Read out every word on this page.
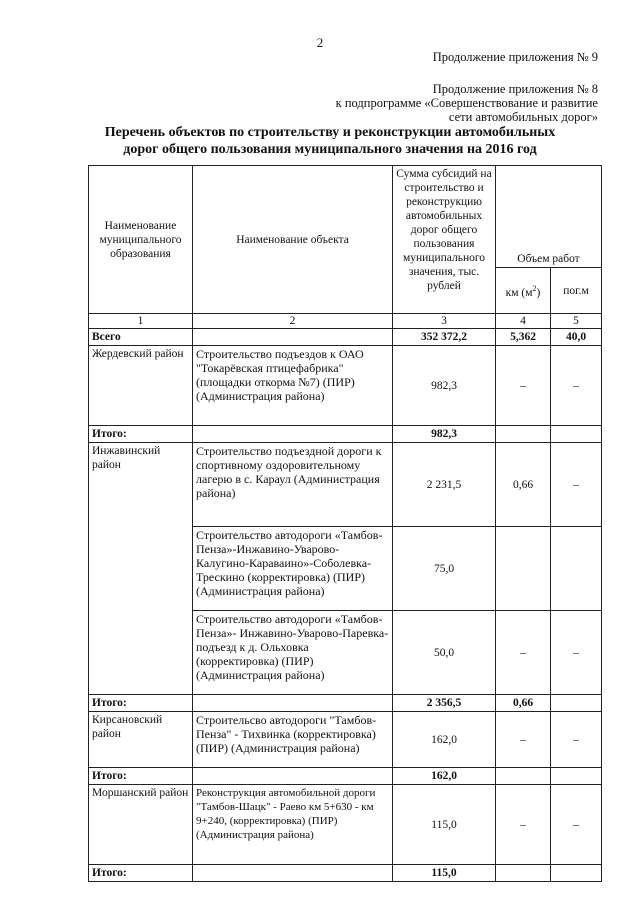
2
Продолжение приложения № 9
Продолжение приложения № 8
к подпрограмме «Совершенствование и развитие
сети автомобильных дорог»
Перечень объектов по строительству и реконструкции автомобильных
дорог общего пользования муниципального значения на 2016 год
Наименование муниципального образования	Наименование объекта	Сумма субсидий на строительство и реконструкцию автомобильных дорог общего пользования муниципального значения, тыс. рублей	Объем работ	
			км $(м^2)$	пог.м
1	2	3	4	5
Всего		352 372,2	5,362	40,0
Жердевский район	Строительство подъездов к ОАО "Токарёвская птицефабрика" (площадки откорма №7) (ПИР) (Администрация района)	982,3	–	–
Итого:		982,3		
Инжавинский район	Строительство подъездной дороги к спортивному оздоровительному лагерю в с. Караул (Администрация района)	2 231,5	0,66	–
	Строительство автодороги «Тамбов-Пенза»-Инжавино-Уварово- Калугино-Караваино»-Соболевка- Трескино (корректировка) (ПИР) (Администрация района)	75,0		
	Строительство автодороги «Тамбов-Пенза»- Инжавино-Уварово-Паревка- подъезд к д. Ольховка (корректировка) (ПИР) (Администрация района)	50,0	–	–
Итого:		2 356,5	0,66	
Кирсановский район	Строительсво автодороги "Тамбов-Пенза" - Тихвинка (корректировка) (ПИР) (Администрация района)	162,0	–	–
Итого:		162,0		
Моршанский район	Реконструкция автомобильной дороги "Тамбов-Шацк" - Раево км 5+630 - км 9+240, (корректировка) (ПИР) (Администрация района)	115,0	–	–
Итого:		115,0		
